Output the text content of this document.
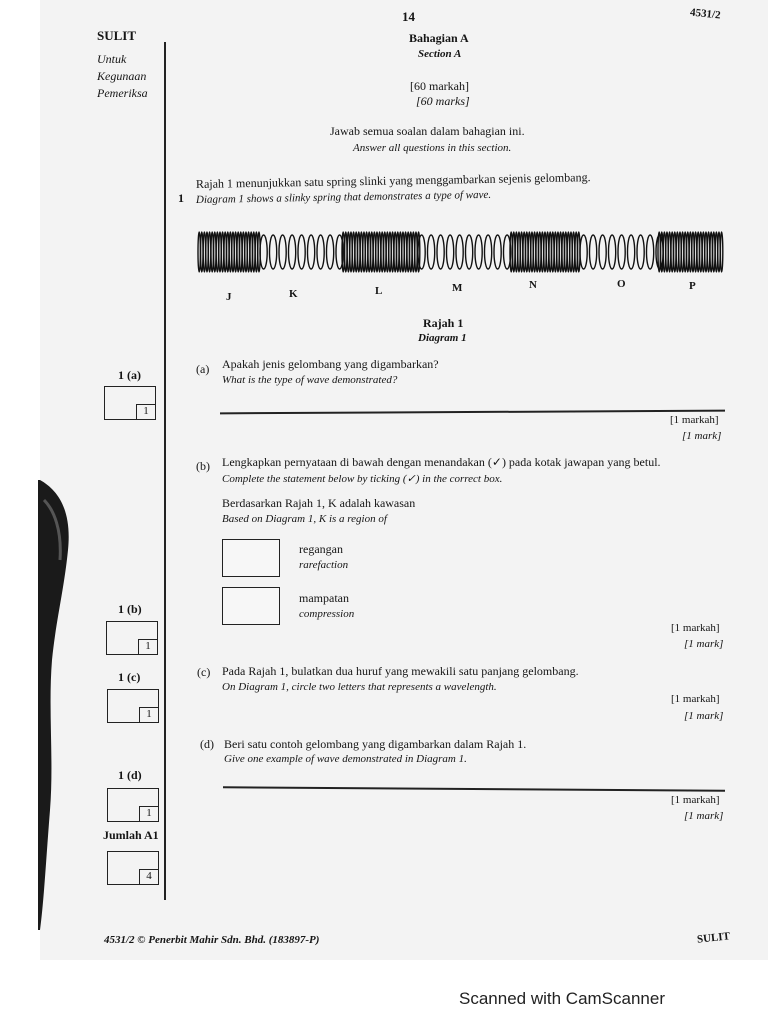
14	4531/2
SULIT
Untuk
Kegunaan
Pemeriksa
Bahagian A
Section A
[60 markah]
[60 marks]
Jawab semua soalan dalam bahagian ini.
Answer all questions in this section.
1
Rajah 1 menunjukkan satu spring slinki yang menggambarkan sejenis gelombang.
Diagram 1 shows a slinky spring that demonstrates a type of wave.
J	K	L	M	N	O	P
Rajah 1
Diagram 1
(a) Apakah jenis gelombang yang digambarkan?
What is the type of wave demonstrated?
[1 markah]
[1 mark]
(b) Lengkapkan pernyataan di bawah dengan menandakan (✓) pada kotak jawapan yang betul.
Complete the statement below by ticking (✓) in the correct box.
Berdasarkan Rajah 1, K adalah kawasan
Based on Diagram 1, K is a region of
regangan
rarefaction
mampatan
compression
[1 markah]
[1 mark]
(c) Pada Rajah 1, bulatkan dua huruf yang mewakili satu panjang gelombang.
On Diagram 1, circle two letters that represents a wavelength.
[1 markah]
[1 mark]
(d) Beri satu contoh gelombang yang digambarkan dalam Rajah 1.
Give one example of wave demonstrated in Diagram 1.
[1 markah]
[1 mark]
1 (a)
1
1 (b)
1
1 (c)
1
1 (d)
1
Jumlah A1
4
4531/2 © Penerbit Mahir Sdn. Bhd. (183897-P)	SULIT
Scanned with CamScanner
